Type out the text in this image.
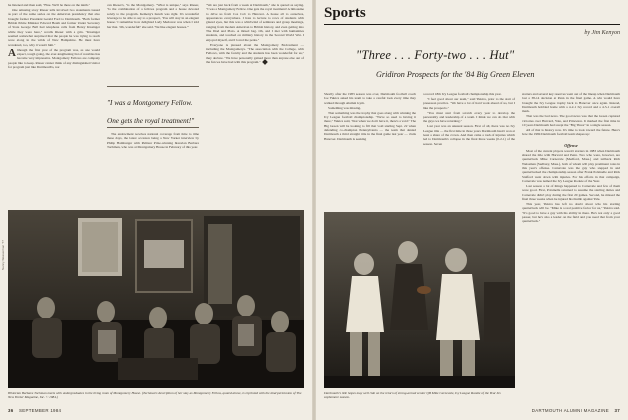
he listened and then said, "Fine. We'll be there on the ninth."

One amusing story Rieser tells involved two statements issued as part of the same series on the American presidency that also brought former President Gerald Ford to Dartmouth. "Both former British Prime Minister Edward Heath and former Under Secretary of State George Ball had telephone calls from Henry Kissinger while they were here," recalls Rieser with a grin. "Kissinger seemed somewhat surprised that the people he was trying to reach were along in the wilds of New Hampshire. He must have wondered, too, why it wasn't him."

Although the first year of the program was, as one would expect, tough going, the ever-lengthening list of notables has become very impressive. Montgomery Fellows are company people like to keep. Rieser cannot think of any distinguished visitor for program just like Dartmouth's, nor

can Rieser's, "is the Montgomery. "What is unique," says Rieser, "is the combination of a fellows program and a house devoted solely to the program. Kemeny's hunch was right. It's wonderful leverage to be able to say to a prospect, 'You will stay in an elegant house.' I remember how delighted Lady Medawar was when I told her that. 'Oh, wonderful!' she said. 'We like elegant houses.'"

"I was a Montgomery Fellow. One gets the royal treatment!"

The endowment receives national coverage from time to time these days, the latest occasion being a New Yorker interview by Philip Hamburger with Pulitzer Prize-winning historian Barbara Tuchman, who was at Montgomery House in February of this year.

"We are just back from a week at Dartmouth," she is quoted as saying. "I was a Montgomery Fellow. One gets the royal treatment! A limousine to drive us from Cos Cob to Hanover. A house all to ourselves, appearances everywhere. I hate to lecture to rows of students with glazed eyes, but this was a whirlwind of seminars and group meetings, ranging from modern American to British history, and even getting into The Iliad and Plato. A mixed bag. Oh, and I met with humanities students, and touched on military history in the Second World War. I enjoyed myself, and I loved the perks."

Everyone is pleased about the Montgomery Endowment — including the Montgomerys. "The association with the College, with Fellows, with the faculty and the students has been wonderful for us," they declare. "We have personally gained more than anyone else out of the fun we have had with this program."

Nancy Wasserman '77
Historian Barbara Tuchman meets with undergraduates in the living room of Montgomery House. (Tuchman's description of her stay as Montgomery Fellow, quoted above, is reprinted with the kind permission of The New Yorker Magazine, Inc. © 1984.)
36 SEPTEMBER 1984
Sports
by Jim Kenyon
"Three . . . Forty-two . . . Hut"
Gridiron Prospects for the '84 Big Green Eleven

Shortly after the 1983 season was over, Dartmouth football coach Joe Yukica asked his team to take a careful look every time they walked through Alumni Gym.

Something was missing.

That something was the trophy that goes along with winning the Ivy League football championship. "We're so used to having it there," Yukica said, "that when we don't have it, there's a void." The Big Green will be looking to fill that void starting Sept. 22 when defending co-champion Pennsylvania — the team that denied Dartmouth a third straight title in the final game last year — visits Hanover. Dartmouth is seeking

a record 18th Ivy League football championship this year.

"I feel good about our team," said Yukica, prior to the start of preseason practice. "We have a lot of hard work ahead of us, but I like the prospects."

"You must start from scratch every year to develop the personality and leadership of a team. I think we can do that with the guys we have returning."

Last year was an unusual season. First of all, there was no Ivy League title — the first time in three years Dartmouth hasn't won at least a share of the crown. And then came a rash of injuries which led to Dartmouth's collapse in the final three weeks (0-2-1) of the season. Seven

starters and several key reserves went out of the lineup when Dartmouth lost a 38-14 decision at Penn in the final game. A win would have brought the Ivy League trophy back to Hanover once again. Instead, Dartmouth hobbled home with a 4-2-1 Ivy record and a 4-5-1 overall mark.

That was the bad news. The good news was that the Green captured victories over Harvard, Yale, and Princeton. It marked the first time in 10 years Dartmouth had swept the "Big Three" in a single season.

All of that is history now. It's time to look toward the future. Here's how the 1984 Dartmouth football team shapes up:

Offense

Most of the current players weren't starters in 1983 when Dartmouth shared the title with Harvard and Penn. Two who were, however, are quarterback Mike Carnevale (Medford, Mass.) and tailback Rich Weissman (Sudbury, Mass.), both of whom will play prominent roles in this year's offense. Carnevale was the guy who stepped in and quarterbacked the championship season after Frank Polsinelle and Rick Stafford went down with injuries. For his efforts in that campaign, Carnevale was named the Ivy League Rookie of the Year.

Last season a lot of things happened to Carnevale and few of them were good. First, Polsinelle returned to assume the starting duties and Carnevale didn't play during the first 20 games. Second, he missed the final three weeks when he injured his thumb against Yale.

This year, Yukica has left no doubt about who his starting quarterback will be. "Mike is a real positive factor for us," Yukica said. "It's good to have a guy with his ability in there. He's not only a good passer, but he's also a leader on the field and you need that from your quarterback."

Dartmouth's title hopes may well ride on the return of strong-armed senior QB Mike Carnevale, Ivy League Rookie of the Year his sophomore season.
DARTMOUTH ALUMNI MAGAZINE 37
